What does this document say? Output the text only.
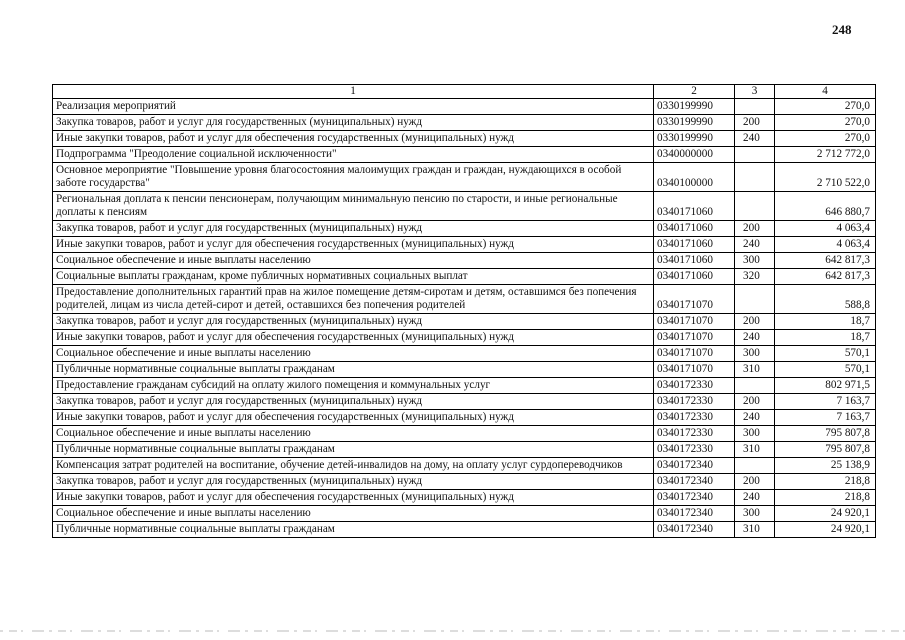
248
1	2	3	4
Реализация мероприятий	0330199990		270,0
Закупка товаров, работ и услуг для государственных (муниципальных) нужд	0330199990	200	270,0
Иные закупки товаров, работ и услуг для обеспечения государственных (муниципальных) нужд	0330199990	240	270,0
Подпрограмма "Преодоление социальной исключенности"	0340000000		2 712 772,0
Основное мероприятие "Повышение уровня благосостояния малоимущих граждан и граждан, нуждающихся в особой заботе государства"	0340100000		2 710 522,0
Региональная доплата к пенсии пенсионерам, получающим минимальную пенсию по старости, и иные региональные доплаты к пенсиям	0340171060		646 880,7
Закупка товаров, работ и услуг для государственных (муниципальных) нужд	0340171060	200	4 063,4
Иные закупки товаров, работ и услуг для обеспечения государственных (муниципальных) нужд	0340171060	240	4 063,4
Социальное обеспечение и иные выплаты населению	0340171060	300	642 817,3
Социальные выплаты гражданам, кроме публичных нормативных социальных выплат	0340171060	320	642 817,3
Предоставление дополнительных гарантий прав на жилое помещение детям-сиротам и детям, оставшимся без попечения родителей, лицам из числа детей-сирот и детей, оставшихся без попечения родителей	0340171070		588,8
Закупка товаров, работ и услуг для государственных (муниципальных) нужд	0340171070	200	18,7
Иные закупки товаров, работ и услуг для обеспечения государственных (муниципальных) нужд	0340171070	240	18,7
Социальное обеспечение и иные выплаты населению	0340171070	300	570,1
Публичные нормативные социальные выплаты гражданам	0340171070	310	570,1
Предоставление гражданам субсидий на оплату жилого помещения и коммунальных услуг	0340172330		802 971,5
Закупка товаров, работ и услуг для государственных (муниципальных) нужд	0340172330	200	7 163,7
Иные закупки товаров, работ и услуг для обеспечения государственных (муниципальных) нужд	0340172330	240	7 163,7
Социальное обеспечение и иные выплаты населению	0340172330	300	795 807,8
Публичные нормативные социальные выплаты гражданам	0340172330	310	795 807,8
Компенсация затрат родителей на воспитание, обучение детей-инвалидов на дому, на оплату услуг сурдопереводчиков	0340172340		25 138,9
Закупка товаров, работ и услуг для государственных (муниципальных) нужд	0340172340	200	218,8
Иные закупки товаров, работ и услуг для обеспечения государственных (муниципальных) нужд	0340172340	240	218,8
Социальное обеспечение и иные выплаты населению	0340172340	300	24 920,1
Публичные нормативные социальные выплаты гражданам	0340172340	310	24 920,1
